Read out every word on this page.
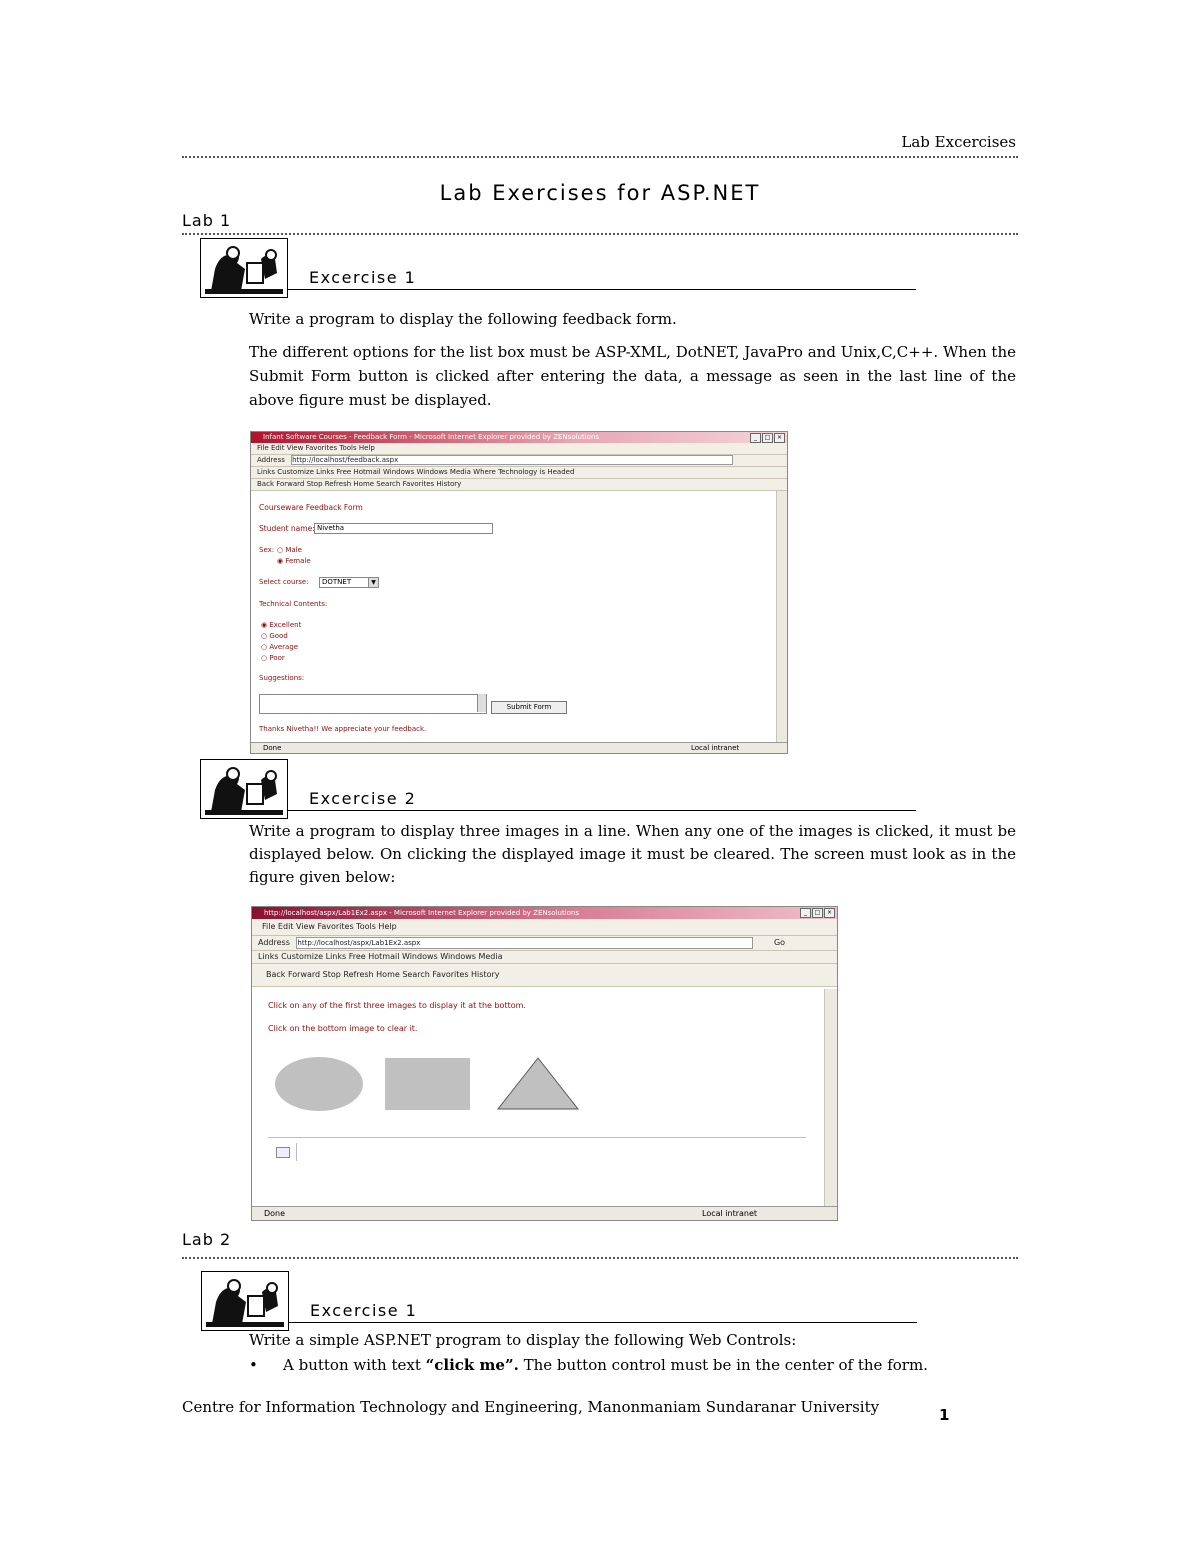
Lab Excercises
Lab Exercises for ASP.NET
Lab 1
Excercise 1

Write a program to display the following feedback form.

The different options for the list box must be ASP-XML, DotNET, JavaPro and Unix,C,C++. When the Submit Form button is clicked after entering the data, a message as seen in the last line of the above figure must be displayed.

Infant Software Courses - Feedback Form - Microsoft Internet Explorer provided by ZENsolutions	_	□	×
File Edit View Favorites Tools Help
Address http://localhost/feedback.aspx
Links Customize Links Free Hotmail Windows Windows Media Where Technology is Headed
Back Forward Stop Refresh Home Search Favorites History
Courseware Feedback Form
Student name: Nivetha
Sex: ○ Male
◉ Female
Select course:	DOTNET	▼
Technical Contents:
◉ Excellent
○ Good
○ Average
○ Poor
Suggestions:
Submit Form
Thanks Nivetha!! We appreciate your feedback.
Done	Local intranet
Excercise 2

Write a program to display three images in a line. When any one of the images is clicked, it must be displayed below. On clicking the displayed image it must be cleared. The screen must look as in the figure given below:

http://localhost/aspx/Lab1Ex2.aspx - Microsoft Internet Explorer provided by ZENsolutions	_	□	×
File Edit View Favorites Tools Help
Address http://localhost/aspx/Lab1Ex2.aspx	Go
Links Customize Links Free Hotmail Windows Windows Media
Back Forward Stop Refresh Home Search Favorites History
Click on any of the first three images to display it at the bottom.
Click on the bottom image to clear it.
Done	Local intranet
Lab 2
Excercise 1
Write a simple ASP.NET program to display the following Web Controls:
• A button with text “click me”. The button control must be in the center of the form.
Centre for Information Technology and Engineering, Manonmaniam Sundaranar University	1
